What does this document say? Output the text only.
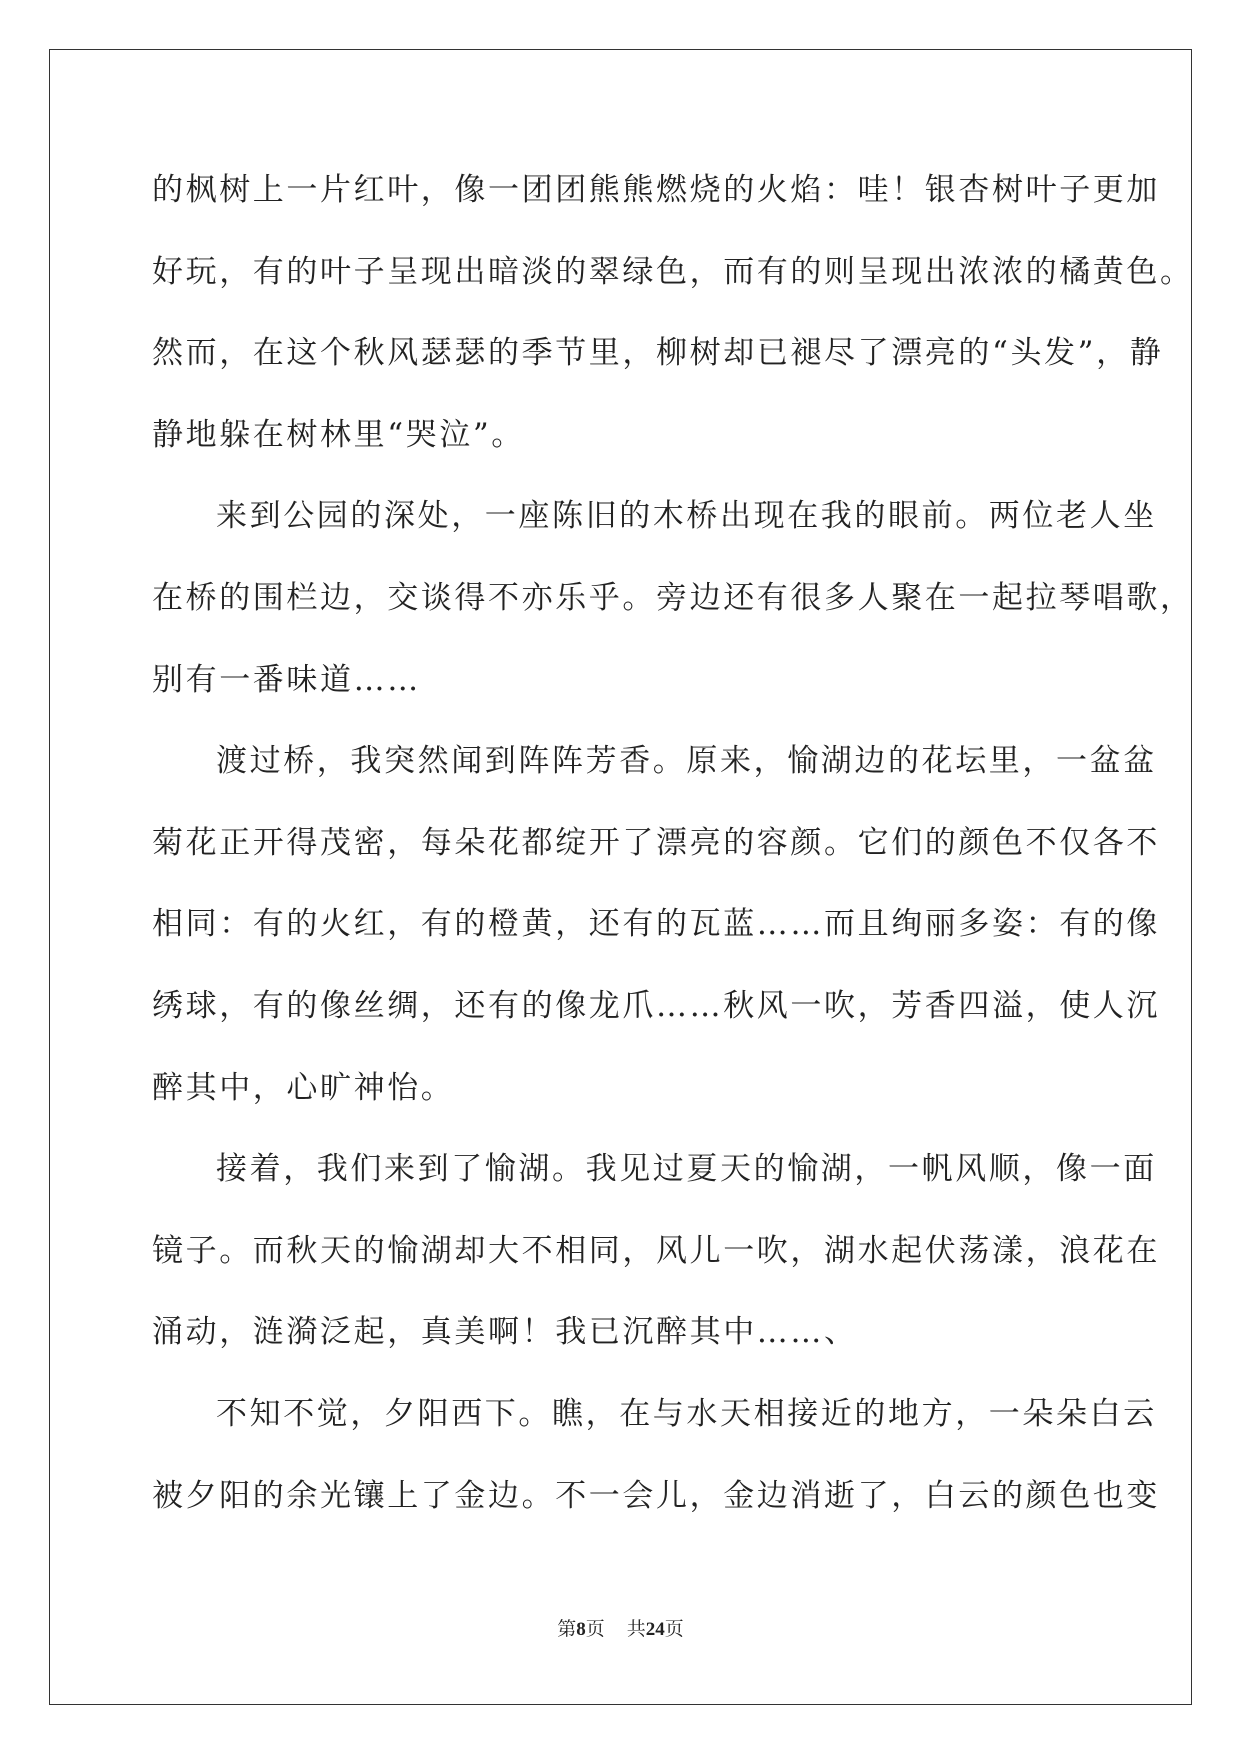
的枫树上一片红叶，像一团团熊熊燃烧的火焰：哇！银杏树叶子更加
好玩，有的叶子呈现出暗淡的翠绿色，而有的则呈现出浓浓的橘黄色。
然而，在这个秋风瑟瑟的季节里，柳树却已褪尽了漂亮的“头发”，静
静地躲在树林里“哭泣”。
来到公园的深处，一座陈旧的木桥出现在我的眼前。两位老人坐
在桥的围栏边，交谈得不亦乐乎。旁边还有很多人聚在一起拉琴唱歌，
别有一番味道……
渡过桥，我突然闻到阵阵芳香。原来，愉湖边的花坛里，一盆盆
菊花正开得茂密，每朵花都绽开了漂亮的容颜。它们的颜色不仅各不
相同：有的火红，有的橙黄，还有的瓦蓝……而且绚丽多姿：有的像
绣球，有的像丝绸，还有的像龙爪……秋风一吹，芳香四溢，使人沉
醉其中，心旷神怡。
接着，我们来到了愉湖。我见过夏天的愉湖，一帆风顺，像一面
镜子。而秋天的愉湖却大不相同，风儿一吹，湖水起伏荡漾，浪花在
涌动，涟漪泛起，真美啊！我已沉醉其中……、
不知不觉，夕阳西下。瞧，在与水天相接近的地方，一朵朵白云
被夕阳的余光镶上了金边。不一会儿，金边消逝了，白云的颜色也变
第8页 共24页
